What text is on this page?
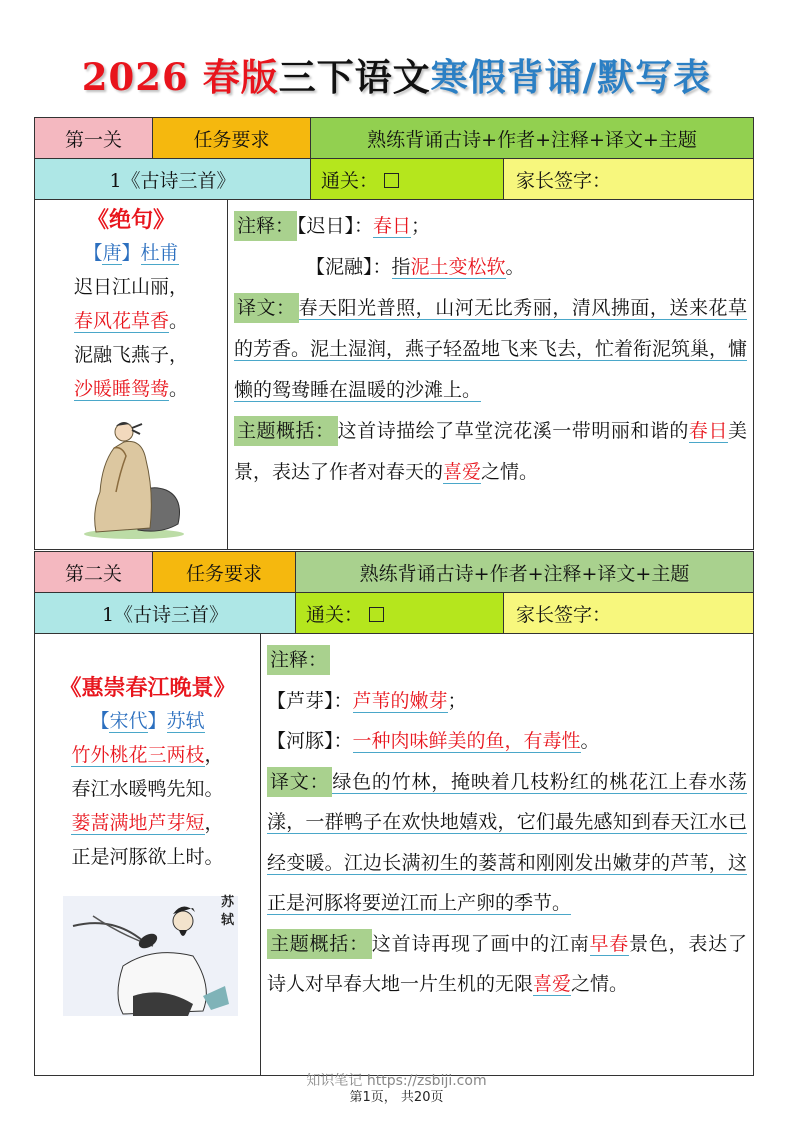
2026 春版三下语文寒假背诵/默写表
第一关	任务要求		熟练背诵古诗+作者+注释+译文+主题	
1《古诗三首》			通关：	家长签字：

《绝句》
【唐】杜甫
迟日江山丽，
春风花草香。
泥融飞燕子，
沙暖睡鸳鸯。

注释： 【迟日】：春日；
【泥融】：指泥土变松软。
译文： 春天阳光普照，山河无比秀丽，清风拂面，送来花草的芳香。泥土湿润，燕子轻盈地飞来飞去，忙着衔泥筑巢，慵懒的鸳鸯睡在温暖的沙滩上。
主题概括： 这首诗描绘了草堂浣花溪一带明丽和谐的春日美景，表达了作者对春天的喜爱之情。
第二关	任务要求		熟练背诵古诗+作者+注释+译文+主题	
1《古诗三首》			通关：	家长签字：

《惠崇春江晚景》
【宋代】苏轼
竹外桃花三两枝，
春江水暖鸭先知。
蒌蒿满地芦芽短，
正是河豚欲上时。
苏轼

注释：
【芦芽】：芦苇的嫩芽；
【河豚】：一种肉味鲜美的鱼，有毒性。
译文： 绿色的竹林，掩映着几枝粉红的桃花江上春水荡漾，一群鸭子在欢快地嬉戏，它们最先感知到春天江水已经变暖。江边长满初生的蒌蒿和刚刚发出嫩芽的芦苇，这正是河豚将要逆江而上产卵的季节。
主题概括： 这首诗再现了画中的江南早春景色，表达了诗人对早春大地一片生机的无限喜爱之情。
知识笔记 https://zsbiji.com
第1页， 共20页
